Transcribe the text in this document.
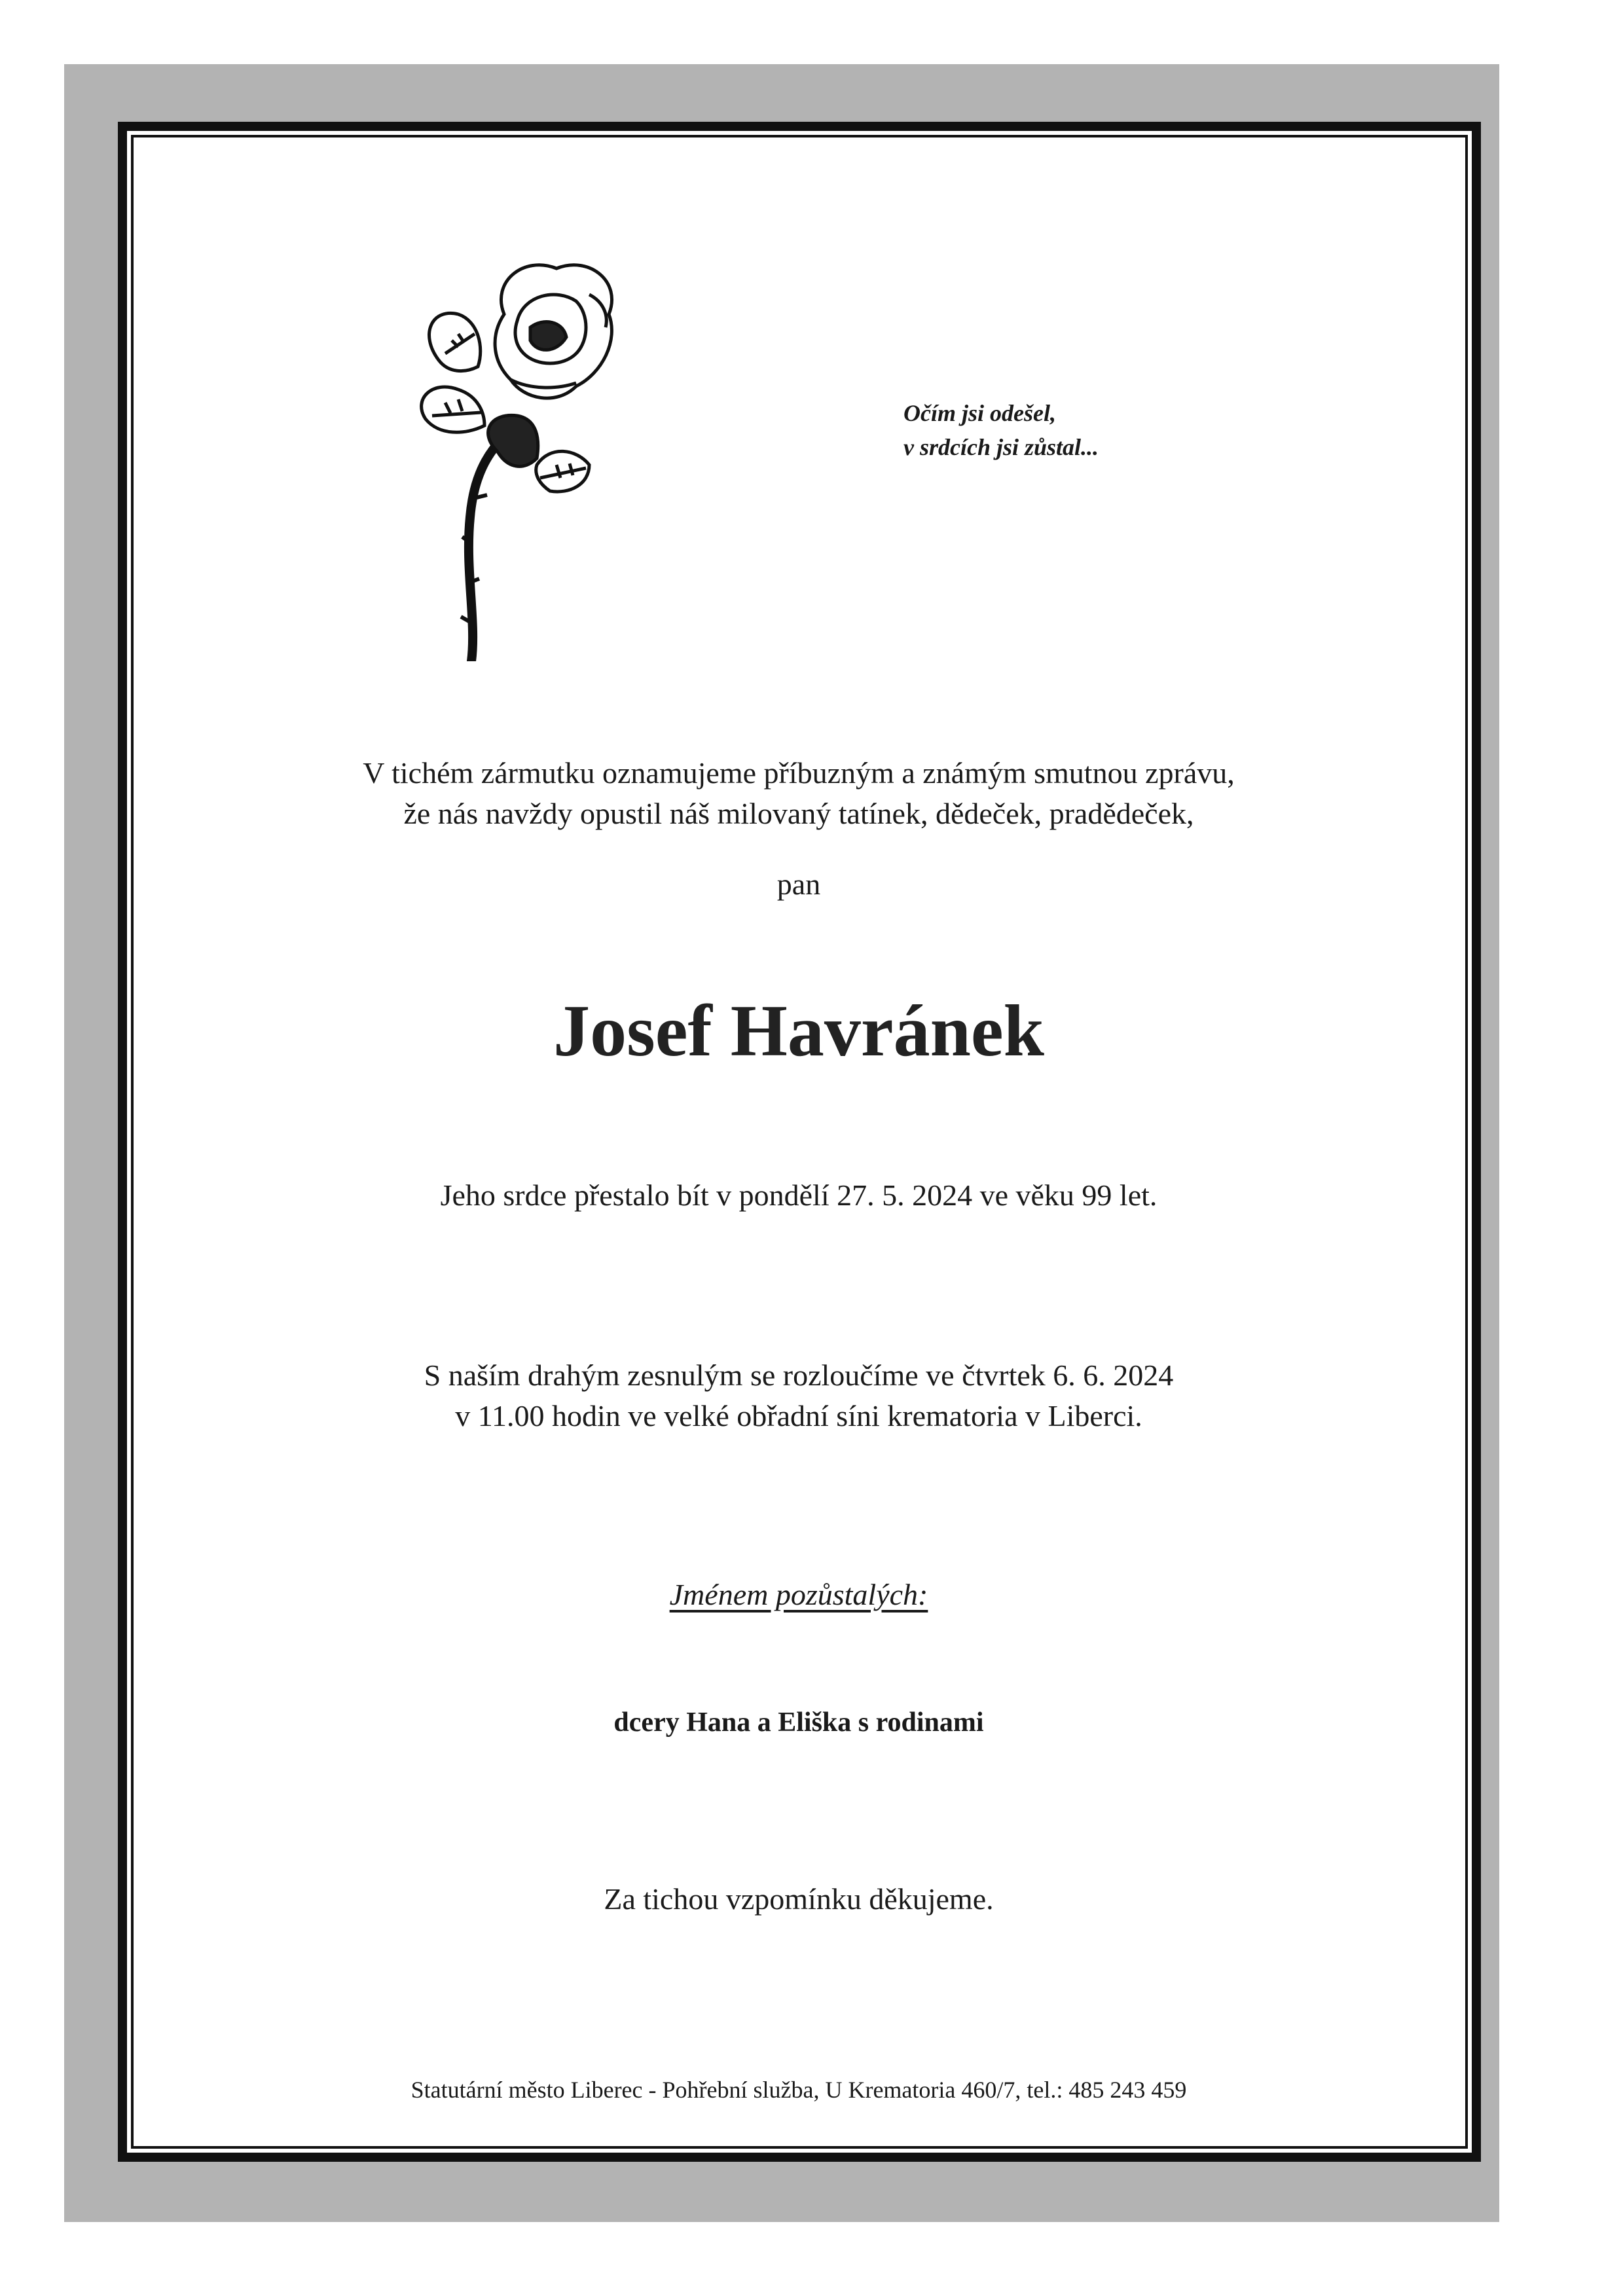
Očím jsi odešel,
v srdcích jsi zůstal...
V tichém zármutku oznamujeme příbuzným a známým smutnou zprávu,
že nás navždy opustil náš milovaný tatínek, dědeček, pradědeček,
pan
Josef Havránek
Jeho srdce přestalo bít v pondělí 27. 5. 2024 ve věku 99 let.
S naším drahým zesnulým se rozloučíme ve čtvrtek 6. 6. 2024
v 11.00 hodin ve velké obřadní síni krematoria v Liberci.
Jménem pozůstalých:
dcery Hana a Eliška s rodinami
Za tichou vzpomínku děkujeme.
Statutární město Liberec - Pohřební služba, U Krematoria 460/7, tel.: 485 243 459
